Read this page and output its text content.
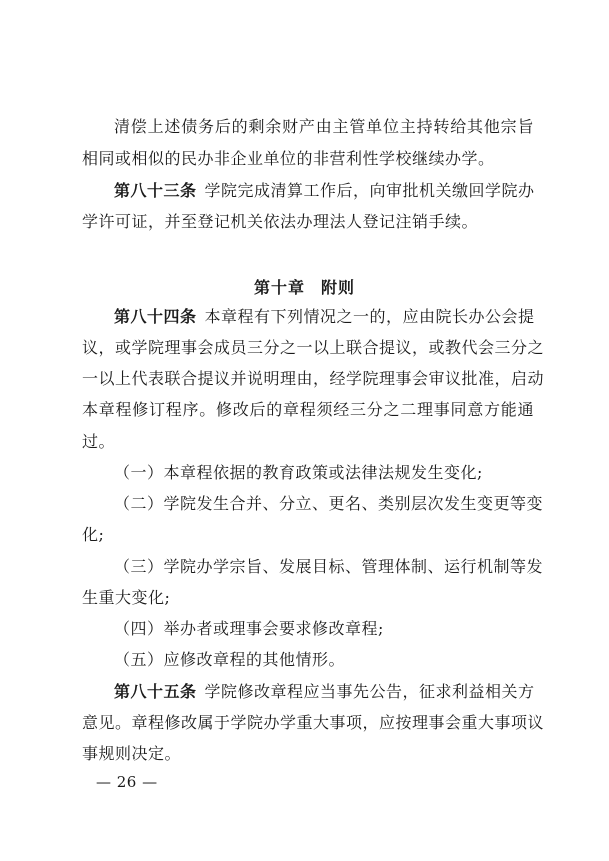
清偿上述债务后的剩余财产由主管单位主持转给其他宗旨
相同或相似的民办非企业单位的非营利性学校继续办学。
第八十三条 学院完成清算工作后，向审批机关缴回学院办
学许可证，并至登记机关依法办理法人登记注销手续。
第十章 附则
第八十四条 本章程有下列情况之一的，应由院长办公会提
议，或学院理事会成员三分之一以上联合提议，或教代会三分之
一以上代表联合提议并说明理由，经学院理事会审议批准，启动
本章程修订程序。修改后的章程须经三分之二理事同意方能通
过。
（一）本章程依据的教育政策或法律法规发生变化;
（二）学院发生合并、分立、更名、类别层次发生变更等变
化;
（三）学院办学宗旨、发展目标、管理体制、运行机制等发
生重大变化;
（四）举办者或理事会要求修改章程;
（五）应修改章程的其他情形。
第八十五条 学院修改章程应当事先公告，征求利益相关方
意见。章程修改属于学院办学重大事项，应按理事会重大事项议
事规则决定。
— 26 —
